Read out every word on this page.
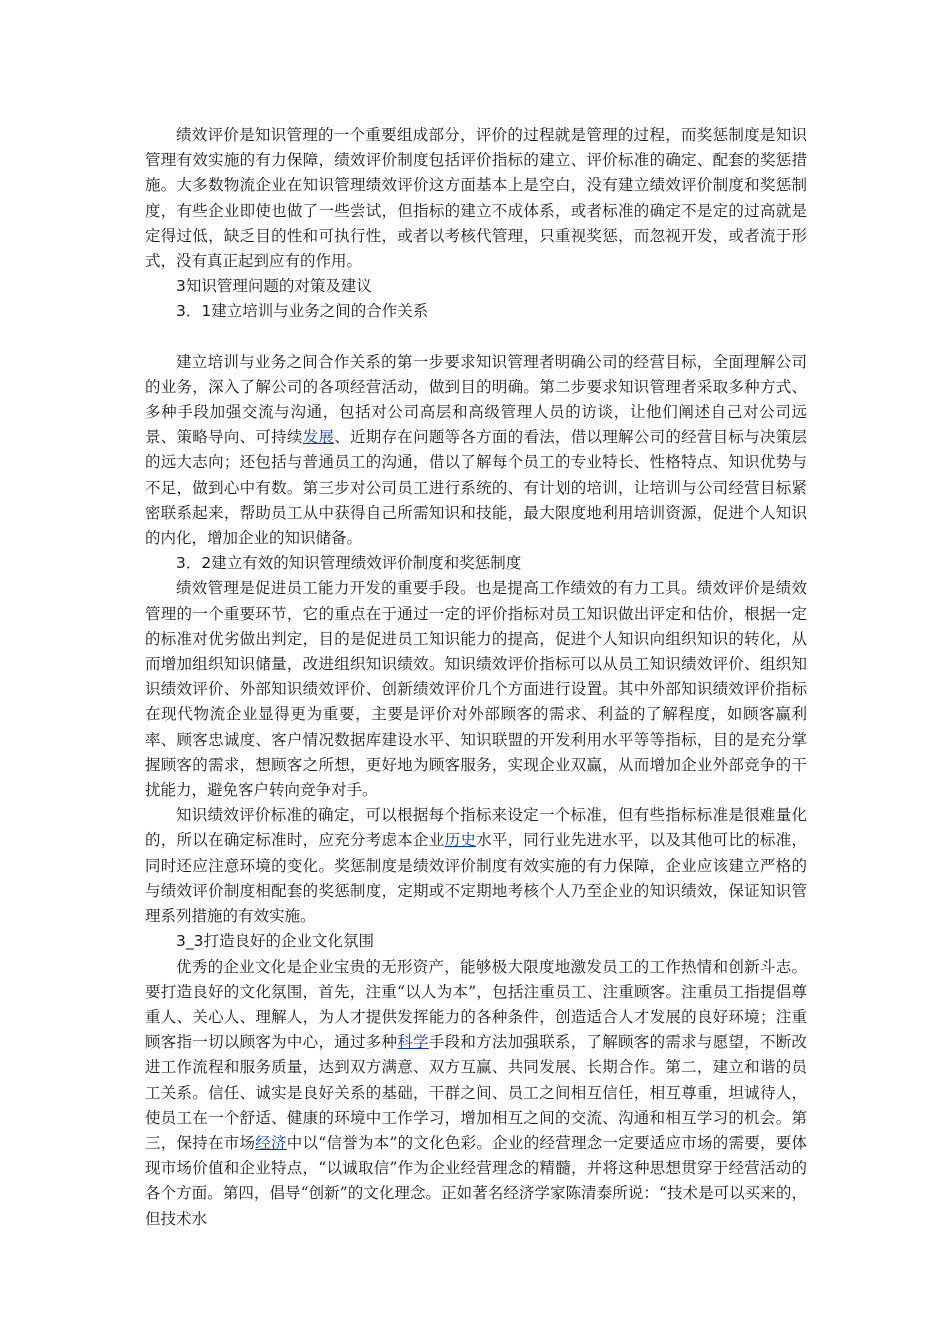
绩效评价是知识管理的一个重要组成部分，评价的过程就是管理的过程，而奖惩制度是知识管理有效实施的有力保障，绩效评价制度包括评价指标的建立、评价标准的确定、配套的奖惩措施。大多数物流企业在知识管理绩效评价这方面基本上是空白，没有建立绩效评价制度和奖惩制度，有些企业即使也做了一些尝试，但指标的建立不成体系，或者标准的确定不是定的过高就是定得过低，缺乏目的性和可执行性，或者以考核代管理，只重视奖惩，而忽视开发，或者流于形式，没有真正起到应有的作用。

3知识管理问题的对策及建议

3．1建立培训与业务之间的合作关系

建立培训与业务之间合作关系的第一步要求知识管理者明确公司的经营目标，全面理解公司的业务，深入了解公司的各项经营活动，做到目的明确。第二步要求知识管理者采取多种方式、多种手段加强交流与沟通，包括对公司高层和高级管理人员的访谈，让他们阐述自己对公司远景、策略导向、可持续发展、近期存在问题等各方面的看法，借以理解公司的经营目标与决策层的远大志向；还包括与普通员工的沟通，借以了解每个员工的专业特长、性格特点、知识优势与不足，做到心中有数。第三步对公司员工进行系统的、有计划的培训，让培训与公司经营目标紧密联系起来，帮助员工从中获得自己所需知识和技能，最大限度地利用培训资源，促进个人知识的内化，增加企业的知识储备。

3．2建立有效的知识管理绩效评价制度和奖惩制度

绩效管理是促进员工能力开发的重要手段。也是提高工作绩效的有力工具。绩效评价是绩效管理的一个重要环节，它的重点在于通过一定的评价指标对员工知识做出评定和估价，根据一定的标准对优劣做出判定，目的是促进员工知识能力的提高，促进个人知识向组织知识的转化，从而增加组织知识储量，改进组织知识绩效。知识绩效评价指标可以从员工知识绩效评价、组织知识绩效评价、外部知识绩效评价、创新绩效评价几个方面进行设置。其中外部知识绩效评价指标在现代物流企业显得更为重要，主要是评价对外部顾客的需求、利益的了解程度，如顾客赢利率、顾客忠诚度、客户情况数据库建设水平、知识联盟的开发利用水平等等指标，目的是充分掌握顾客的需求，想顾客之所想，更好地为顾客服务，实现企业双赢，从而增加企业外部竞争的干扰能力，避免客户转向竞争对手。

知识绩效评价标准的确定，可以根据每个指标来设定一个标准，但有些指标标准是很难量化的，所以在确定标准时，应充分考虑本企业历史水平，同行业先进水平，以及其他可比的标准，同时还应注意环境的变化。奖惩制度是绩效评价制度有效实施的有力保障，企业应该建立严格的与绩效评价制度相配套的奖惩制度，定期或不定期地考核个人乃至企业的知识绩效，保证知识管理系列措施的有效实施。

3_3打造良好的企业文化氛围

优秀的企业文化是企业宝贵的无形资产，能够极大限度地激发员工的工作热情和创新斗志。要打造良好的文化氛围，首先，注重“以人为本”，包括注重员工、注重顾客。注重员工指提倡尊重人、关心人、理解人，为人才提供发挥能力的各种条件，创造适合人才发展的良好环境；注重顾客指一切以顾客为中心，通过多种科学手段和方法加强联系，了解顾客的需求与愿望，不断改进工作流程和服务质量，达到双方满意、双方互赢、共同发展、长期合作。第二，建立和谐的员工关系。信任、诚实是良好关系的基础，干群之间、员工之间相互信任，相互尊重，坦诚待人，使员工在一个舒适、健康的环境中工作学习，增加相互之间的交流、沟通和相互学习的机会。第三，保持在市场经济中以“信誉为本”的文化色彩。企业的经营理念一定要适应市场的需要，要体现市场价值和企业特点，“以诚取信”作为企业经营理念的精髓，并将这种思想贯穿于经营活动的各个方面。第四，倡导“创新”的文化理念。正如著名经济学家陈清泰所说：“技术是可以买来的，但技术水
